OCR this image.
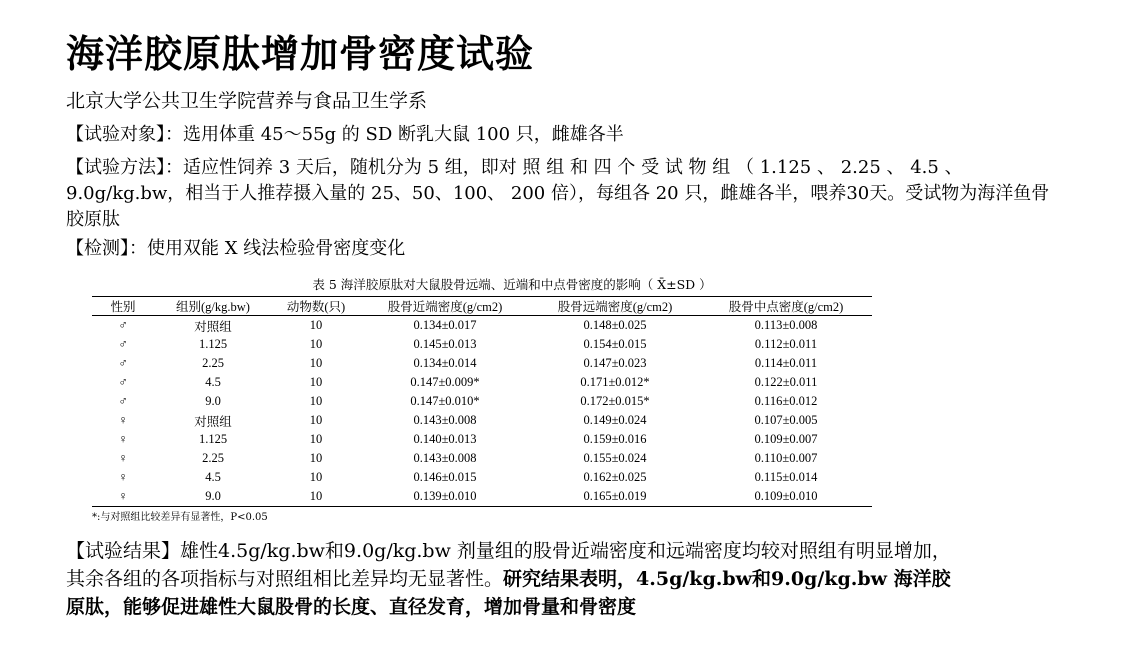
海洋胶原肽增加骨密度试验
北京大学公共卫生学院营养与食品卫生学系
【试验对象】：选用体重 45～55g 的 SD 断乳大鼠 100 只，雌雄各半
【试验方法】：适应性饲养 3 天后，随机分为 5 组，即对 照 组 和 四 个 受 试 物 组 （ 1.125 、 2.25 、 4.5 、 9.0g/kg.bw，相当于人推荐摄入量的 25、50、100、 200 倍），每组各 20 只，雌雄各半，喂养30天。受试物为海洋鱼骨胶原肽
【检测】：使用双能 X 线法检验骨密度变化
表 5 海洋胶原肽对大鼠股骨远端、近端和中点骨密度的影响（ X̄±SD ）
性别	组别(g/kg.bw)	动物数(只)	股骨近端密度(g/cm2)	股骨远端密度(g/cm2)	股骨中点密度(g/cm2)
♂	对照组	10	0.134±0.017	0.148±0.025	0.113±0.008
♂	1.125	10	0.145±0.013	0.154±0.015	0.112±0.011
♂	2.25	10	0.134±0.014	0.147±0.023	0.114±0.011
♂	4.5	10	0.147±0.009*	0.171±0.012*	0.122±0.011
♂	9.0	10	0.147±0.010*	0.172±0.015*	0.116±0.012
♀	对照组	10	0.143±0.008	0.149±0.024	0.107±0.005
♀	1.125	10	0.140±0.013	0.159±0.016	0.109±0.007
♀	2.25	10	0.143±0.008	0.155±0.024	0.110±0.007
♀	4.5	10	0.146±0.015	0.162±0.025	0.115±0.014
♀	9.0	10	0.139±0.010	0.165±0.019	0.109±0.010
*:与对照组比较差异有显著性，P<0.05
【试验结果】雄性4.5g/kg.bw和9.0g/kg.bw 剂量组的股骨近端密度和远端密度均较对照组有明显增加，其余各组的各项指标与对照组相比差异均无显著性。研究结果表明，4.5g/kg.bw和9.0g/kg.bw 海洋胶原肽，能够促进雄性大鼠股骨的长度、直径发育，增加骨量和骨密度
